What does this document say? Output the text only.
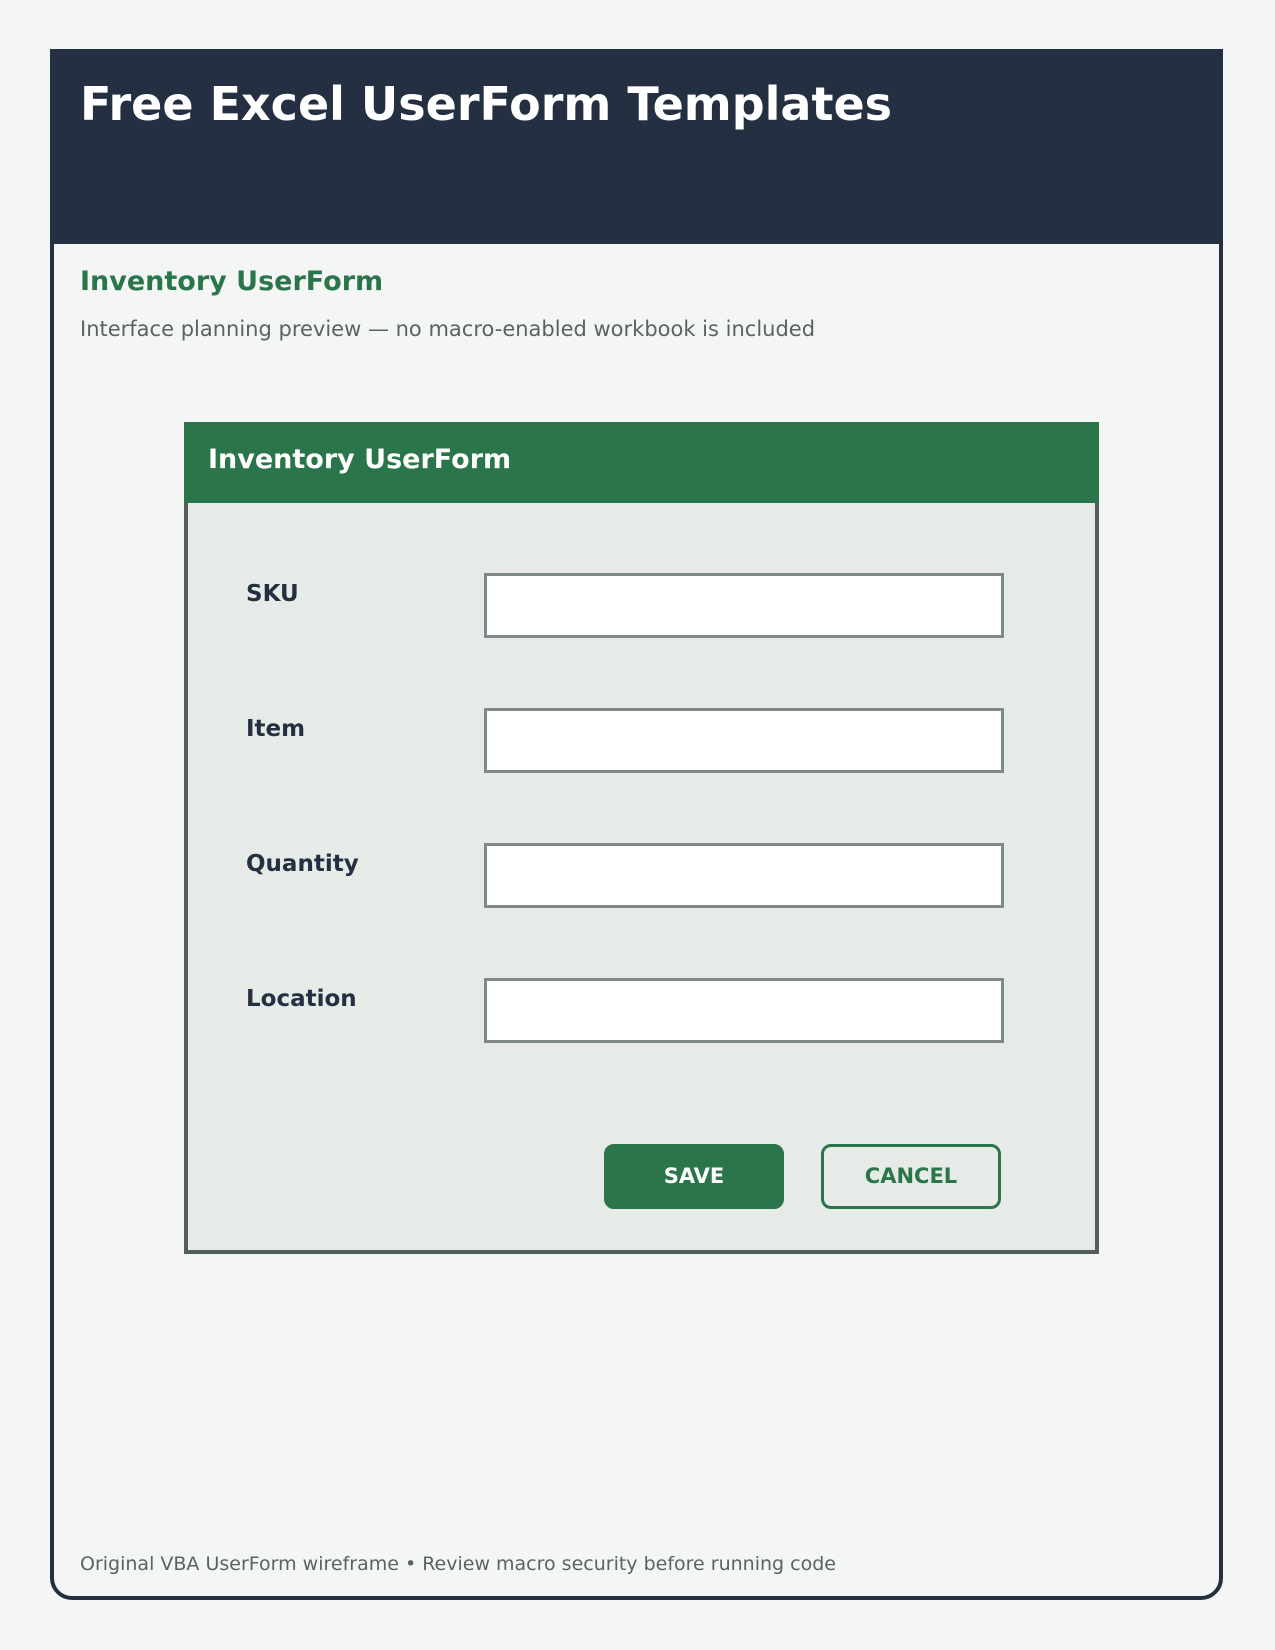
Free Excel UserForm Templates
Inventory UserForm

Interface planning preview — no macro-enabled workbook is included

Inventory UserForm
SKU
Item
Quantity
Location
SAVE	CANCEL

Original VBA UserForm wireframe • Review macro security before running code
